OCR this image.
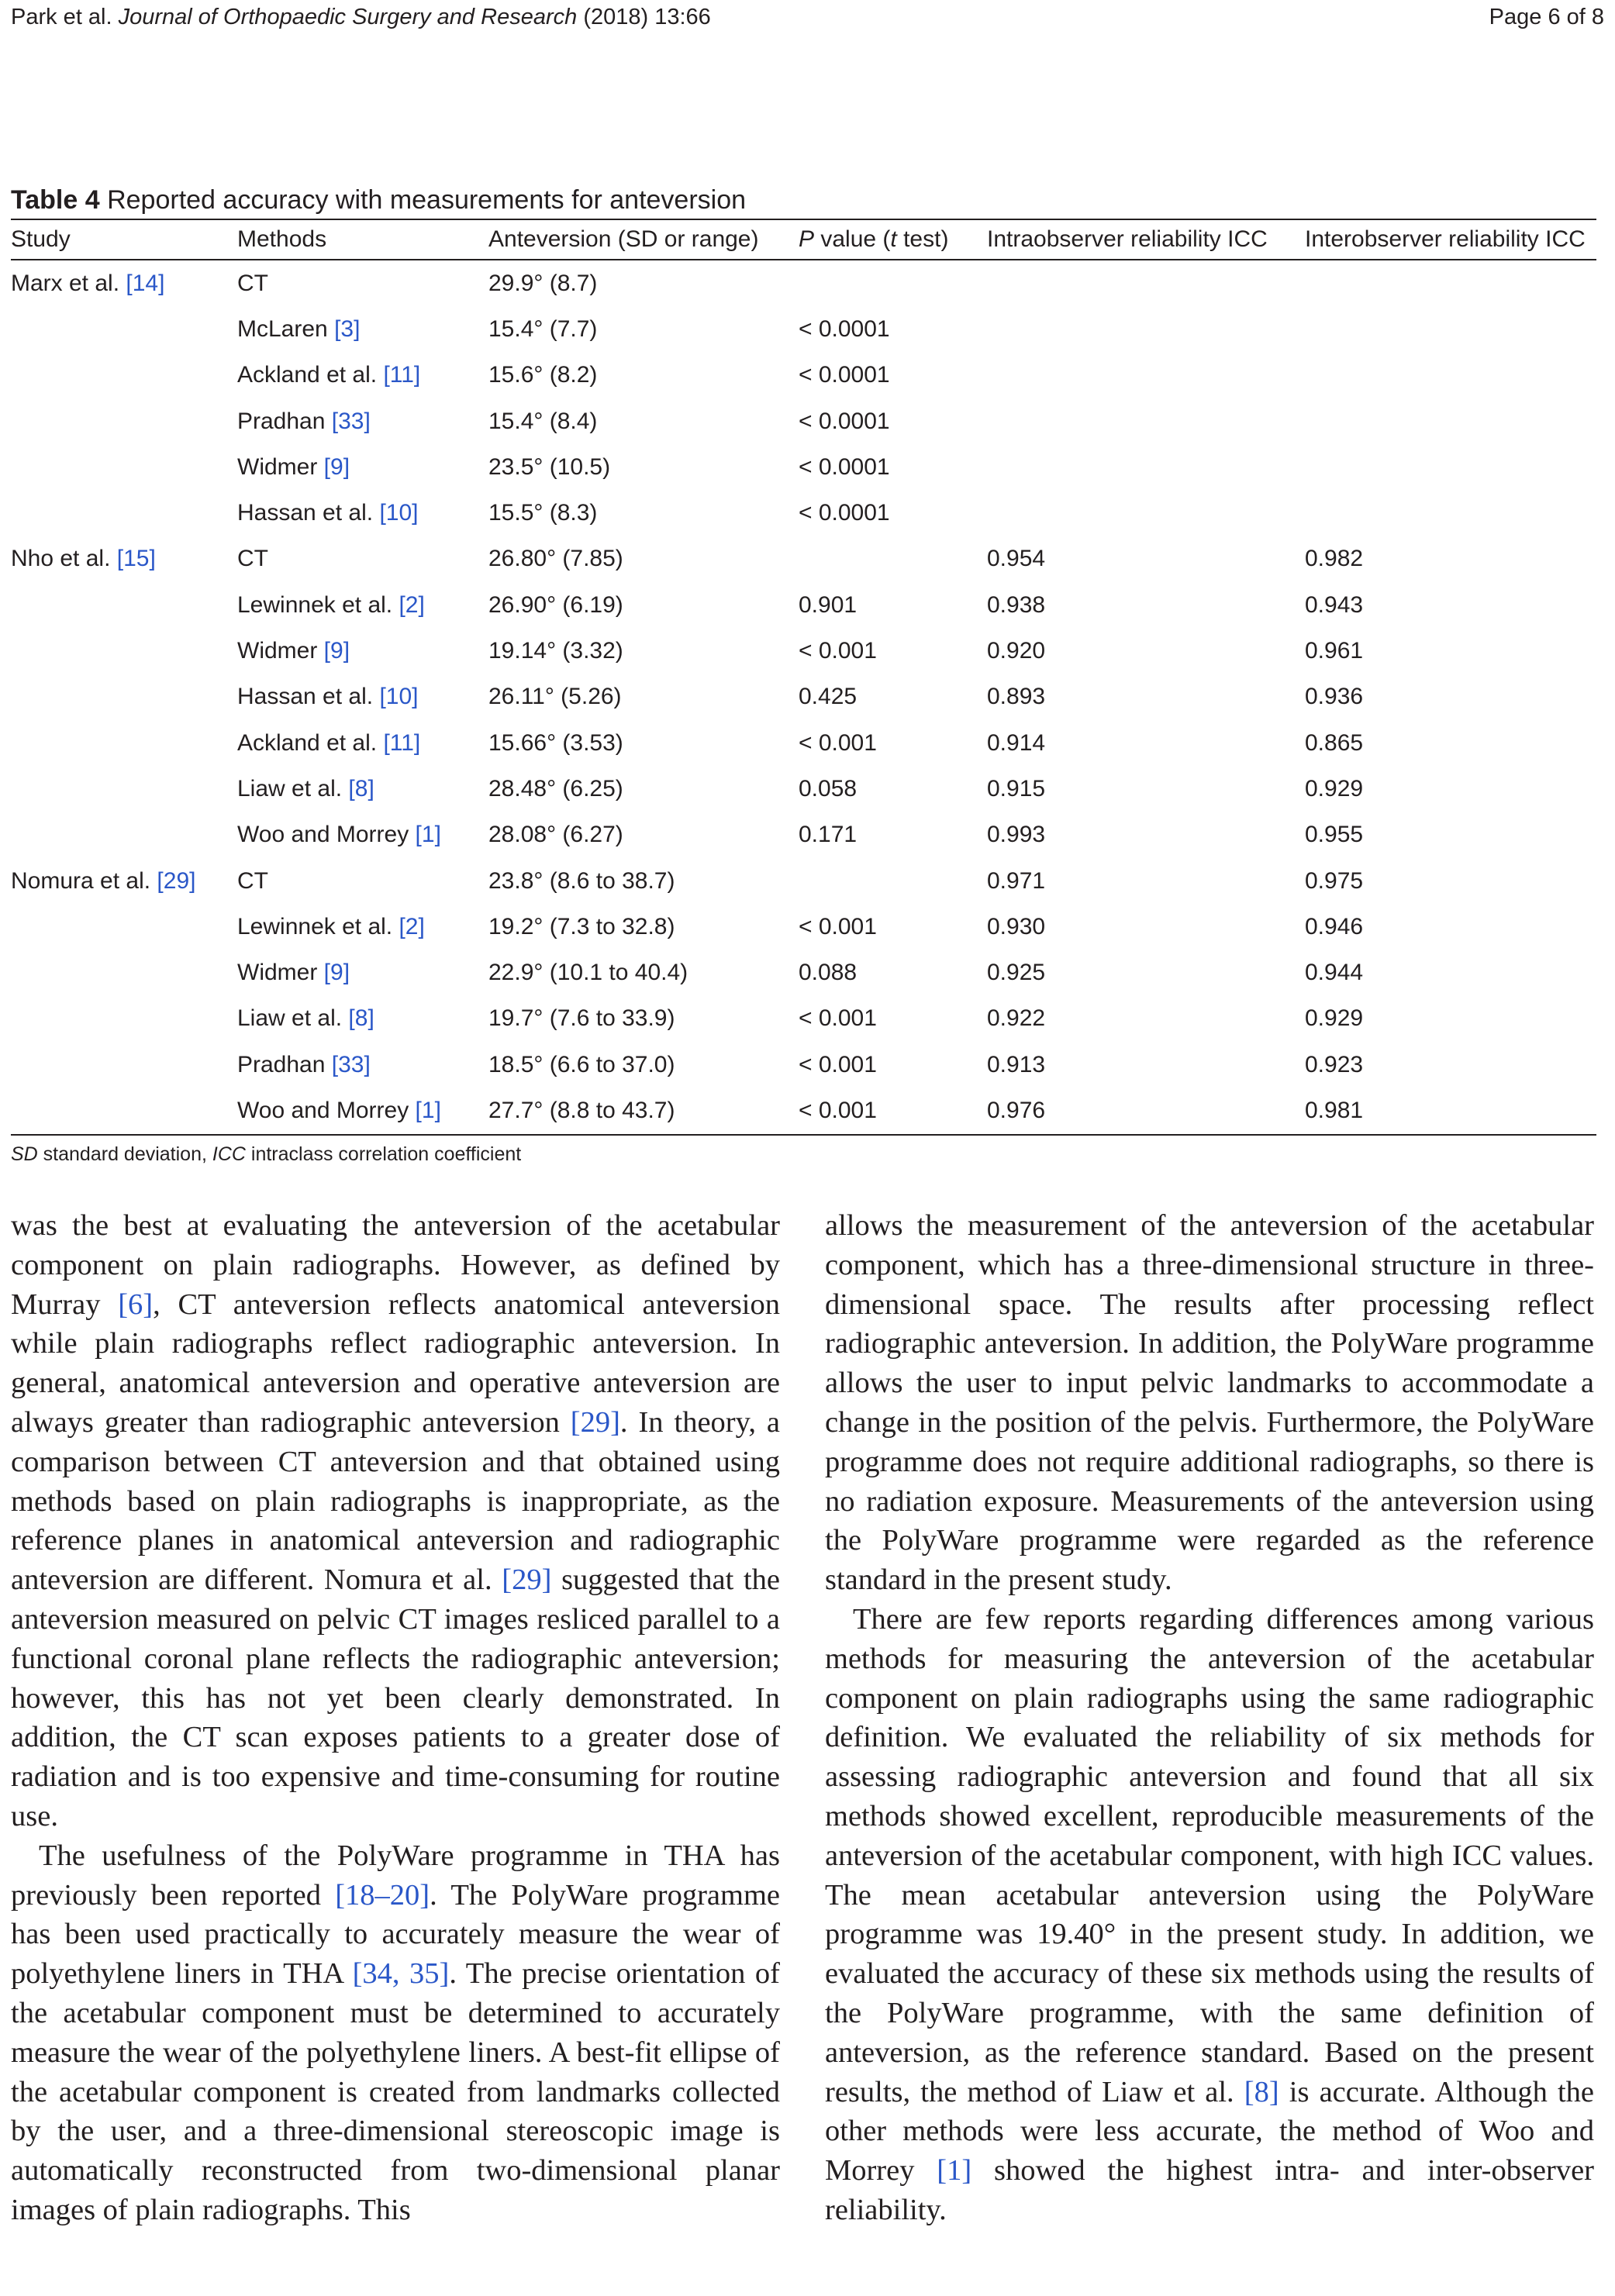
Park et al. Journal of Orthopaedic Surgery and Research (2018) 13:66	Page 6 of 8
Table 4 Reported accuracy with measurements for anteversion
Study	Methods	Anteversion (SD or range)	P value (t test)	Intraobserver reliability ICC	Interobserver reliability ICC
Marx et al. [14]	CT	29.9° (8.7)			
	McLaren [3]	15.4° (7.7)	< 0.0001		
	Ackland et al. [11]	15.6° (8.2)	< 0.0001		
	Pradhan [33]	15.4° (8.4)	< 0.0001		
	Widmer [9]	23.5° (10.5)	< 0.0001		
	Hassan et al. [10]	15.5° (8.3)	< 0.0001		
Nho et al. [15]	CT	26.80° (7.85)		0.954	0.982
	Lewinnek et al. [2]	26.90° (6.19)	0.901	0.938	0.943
	Widmer [9]	19.14° (3.32)	< 0.001	0.920	0.961
	Hassan et al. [10]	26.11° (5.26)	0.425	0.893	0.936
	Ackland et al. [11]	15.66° (3.53)	< 0.001	0.914	0.865
	Liaw et al. [8]	28.48° (6.25)	0.058	0.915	0.929
	Woo and Morrey [1]	28.08° (6.27)	0.171	0.993	0.955
Nomura et al. [29]	CT	23.8° (8.6 to 38.7)		0.971	0.975
	Lewinnek et al. [2]	19.2° (7.3 to 32.8)	< 0.001	0.930	0.946
	Widmer [9]	22.9° (10.1 to 40.4)	0.088	0.925	0.944
	Liaw et al. [8]	19.7° (7.6 to 33.9)	< 0.001	0.922	0.929
	Pradhan [33]	18.5° (6.6 to 37.0)	< 0.001	0.913	0.923
	Woo and Morrey [1]	27.7° (8.8 to 43.7)	< 0.001	0.976	0.981
SD standard deviation, ICC intraclass correlation coefficient

was the best at evaluating the anteversion of the acetabular component on plain radiographs. However, as defined by Murray [6], CT anteversion reflects anatomical anteversion while plain radiographs reflect radiographic anteversion. In general, anatomical anteversion and operative anteversion are always greater than radiographic anteversion [29]. In theory, a comparison between CT anteversion and that obtained using methods based on plain radiographs is inappropriate, as the reference planes in anatomical anteversion and radiographic anteversion are different. Nomura et al. [29] suggested that the anteversion measured on pelvic CT images resliced parallel to a functional coronal plane reflects the radiographic anteversion; however, this has not yet been clearly demonstrated. In addition, the CT scan exposes patients to a greater dose of radiation and is too expensive and time-consuming for routine use.

The usefulness of the PolyWare programme in THA has previously been reported [18–20]. The PolyWare programme has been used practically to accurately measure the wear of polyethylene liners in THA [34, 35]. The precise orientation of the acetabular component must be determined to accurately measure the wear of the polyethylene liners. A best-fit ellipse of the acetabular component is created from landmarks collected by the user, and a three-dimensional stereoscopic image is automatically reconstructed from two-dimensional planar images of plain radiographs. This

allows the measurement of the anteversion of the acetabular component, which has a three-dimensional structure in three-dimensional space. The results after processing reflect radiographic anteversion. In addition, the PolyWare programme allows the user to input pelvic landmarks to accommodate a change in the position of the pelvis. Furthermore, the PolyWare programme does not require additional radiographs, so there is no radiation exposure. Measurements of the anteversion using the PolyWare programme were regarded as the reference standard in the present study.

There are few reports regarding differences among various methods for measuring the anteversion of the acetabular component on plain radiographs using the same radiographic definition. We evaluated the reliability of six methods for assessing radiographic anteversion and found that all six methods showed excellent, reproducible measurements of the anteversion of the acetabular component, with high ICC values. The mean acetabular anteversion using the PolyWare programme was 19.40° in the present study. In addition, we evaluated the accuracy of these six methods using the results of the PolyWare programme, with the same definition of anteversion, as the reference standard. Based on the present results, the method of Liaw et al. [8] is accurate. Although the other methods were less accurate, the method of Woo and Morrey [1] showed the highest intra- and inter-observer reliability.
